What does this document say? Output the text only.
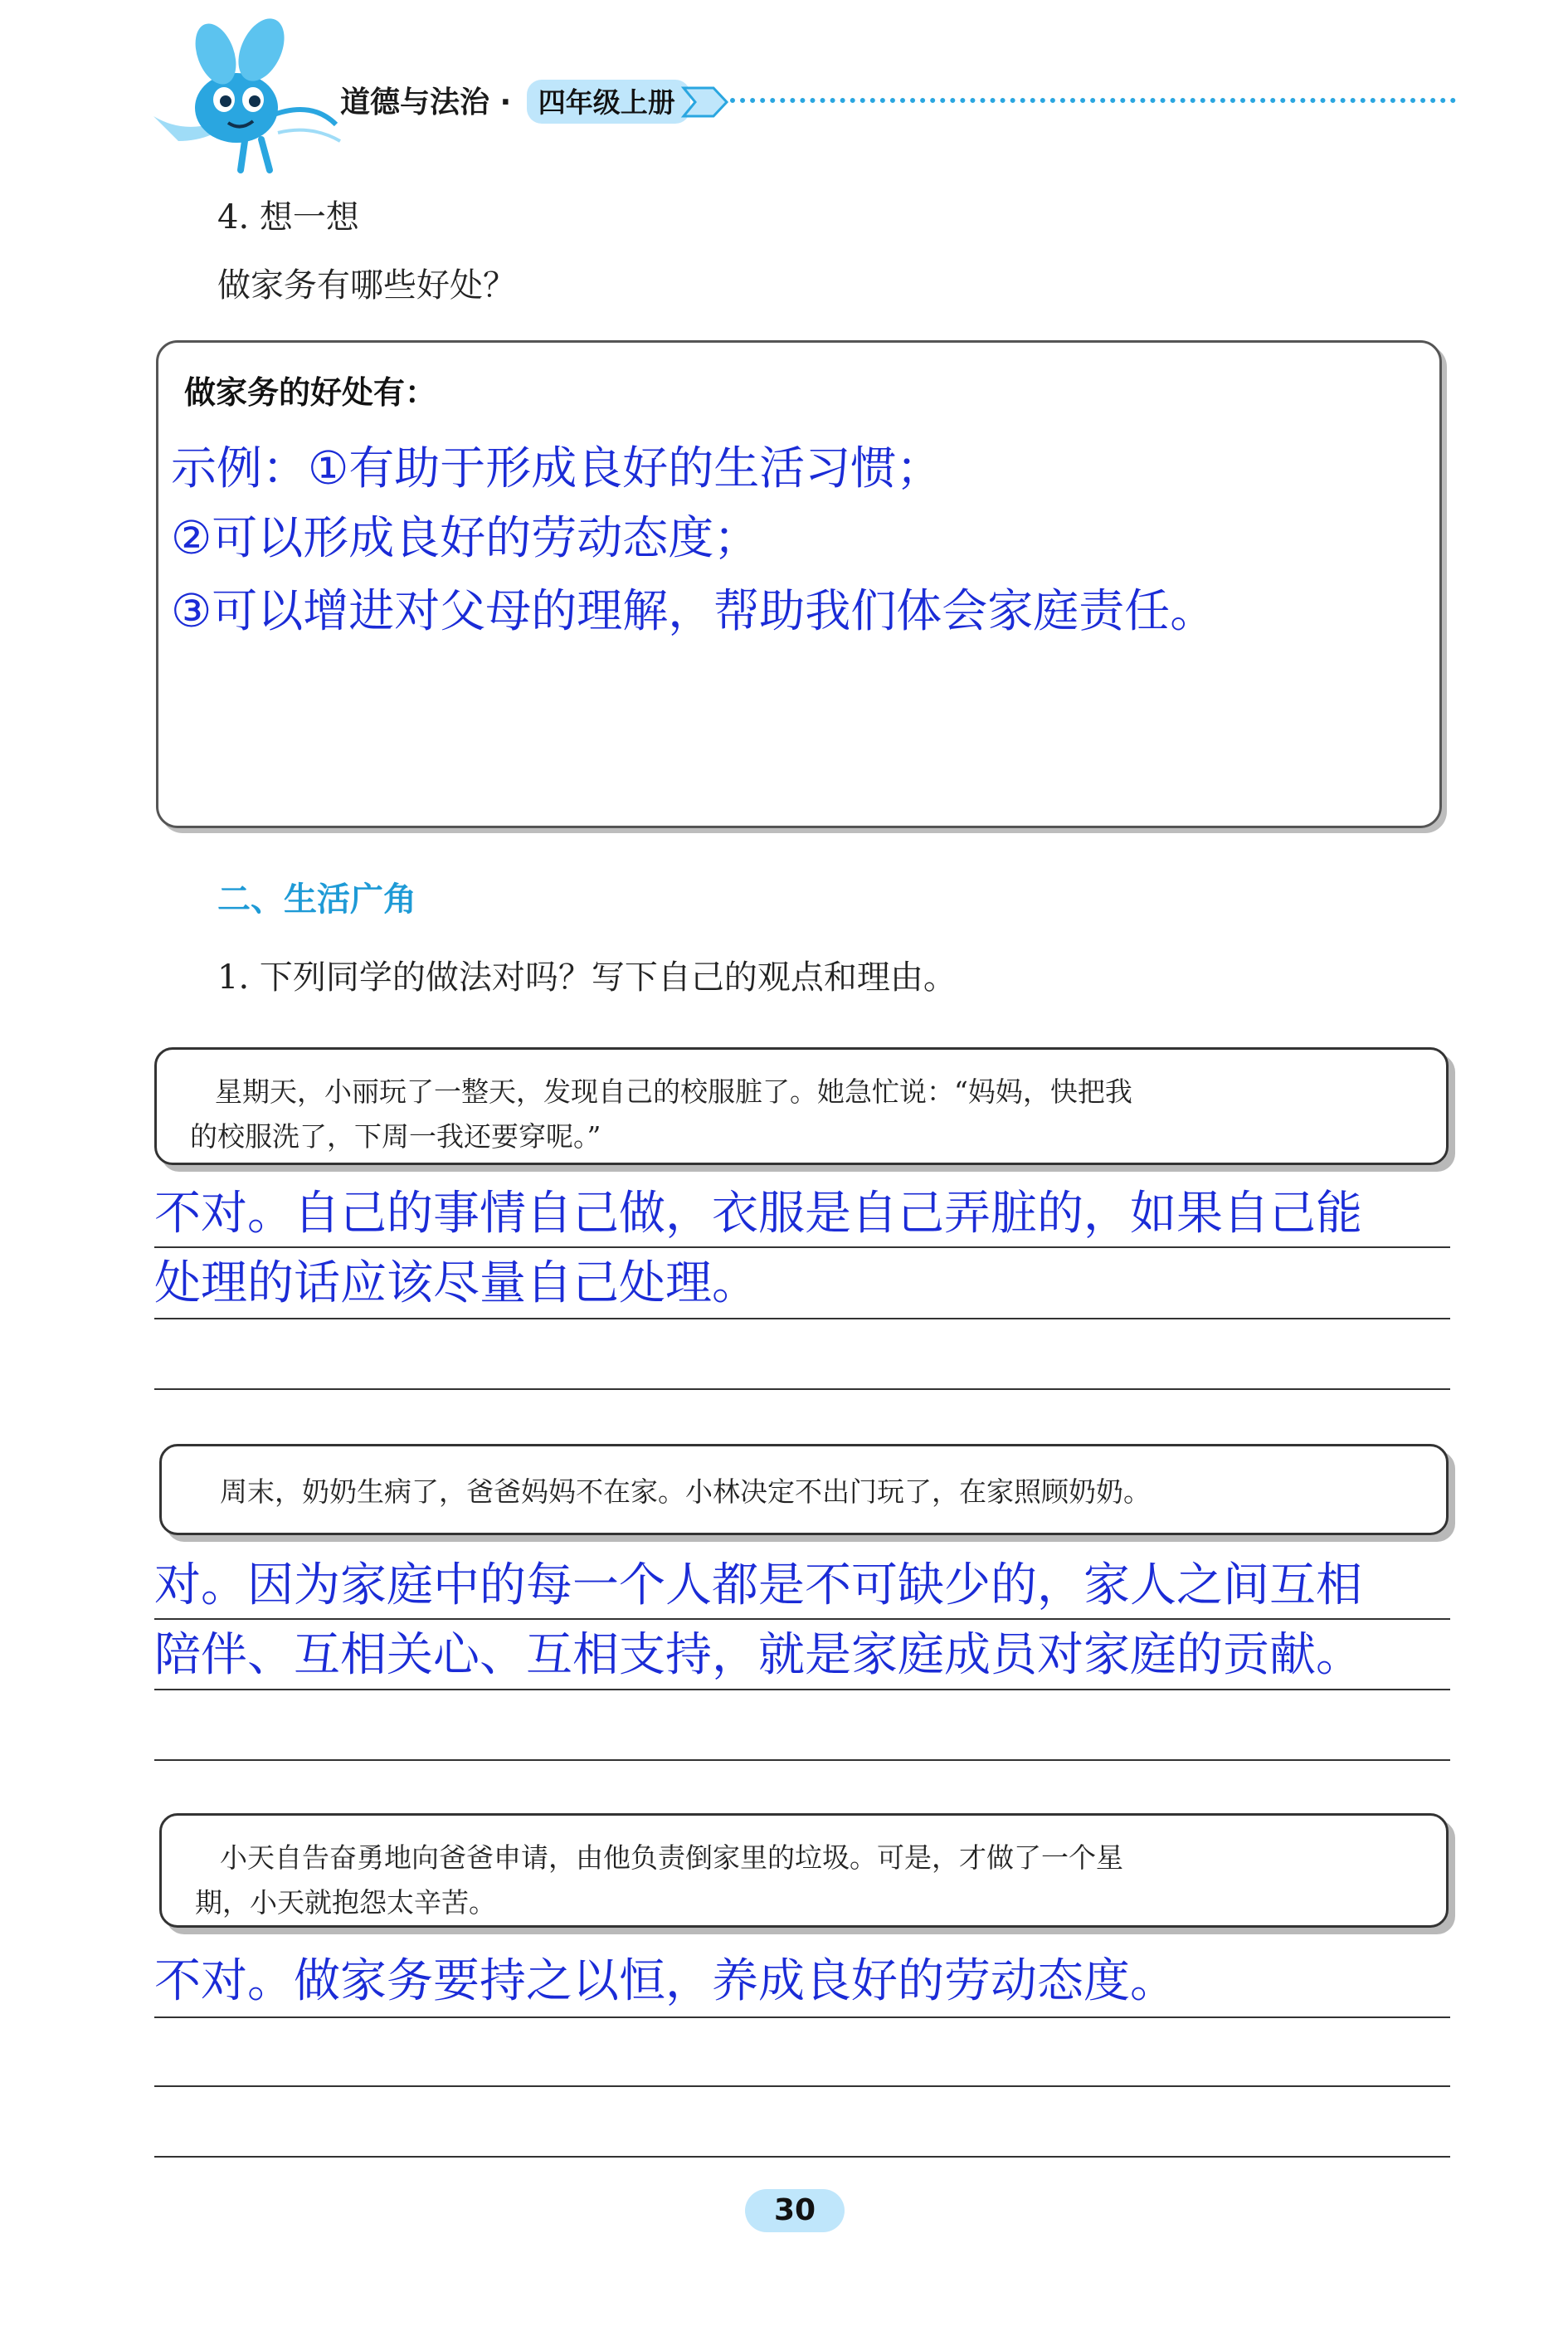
道德与法治 · 四年级上册
4. 想一想
做家务有哪些好处？
做家务的好处有：
示例：①有助于形成良好的生活习惯；
②可以形成良好的劳动态度；
③可以增进对父母的理解，帮助我们体会家庭责任。
二、生活广角
1. 下列同学的做法对吗？写下自己的观点和理由。
星期天，小丽玩了一整天，发现自己的校服脏了。她急忙说：“妈妈，快把我
的校服洗了，下周一我还要穿呢。”
不对。自己的事情自己做，衣服是自己弄脏的，如果自己能
处理的话应该尽量自己处理。
周末，奶奶生病了，爸爸妈妈不在家。小林决定不出门玩了，在家照顾奶奶。
对。因为家庭中的每一个人都是不可缺少的，家人之间互相
陪伴、互相关心、互相支持，就是家庭成员对家庭的贡献。
小天自告奋勇地向爸爸申请，由他负责倒家里的垃圾。可是，才做了一个星
期，小天就抱怨太辛苦。
不对。做家务要持之以恒，养成良好的劳动态度。
30
